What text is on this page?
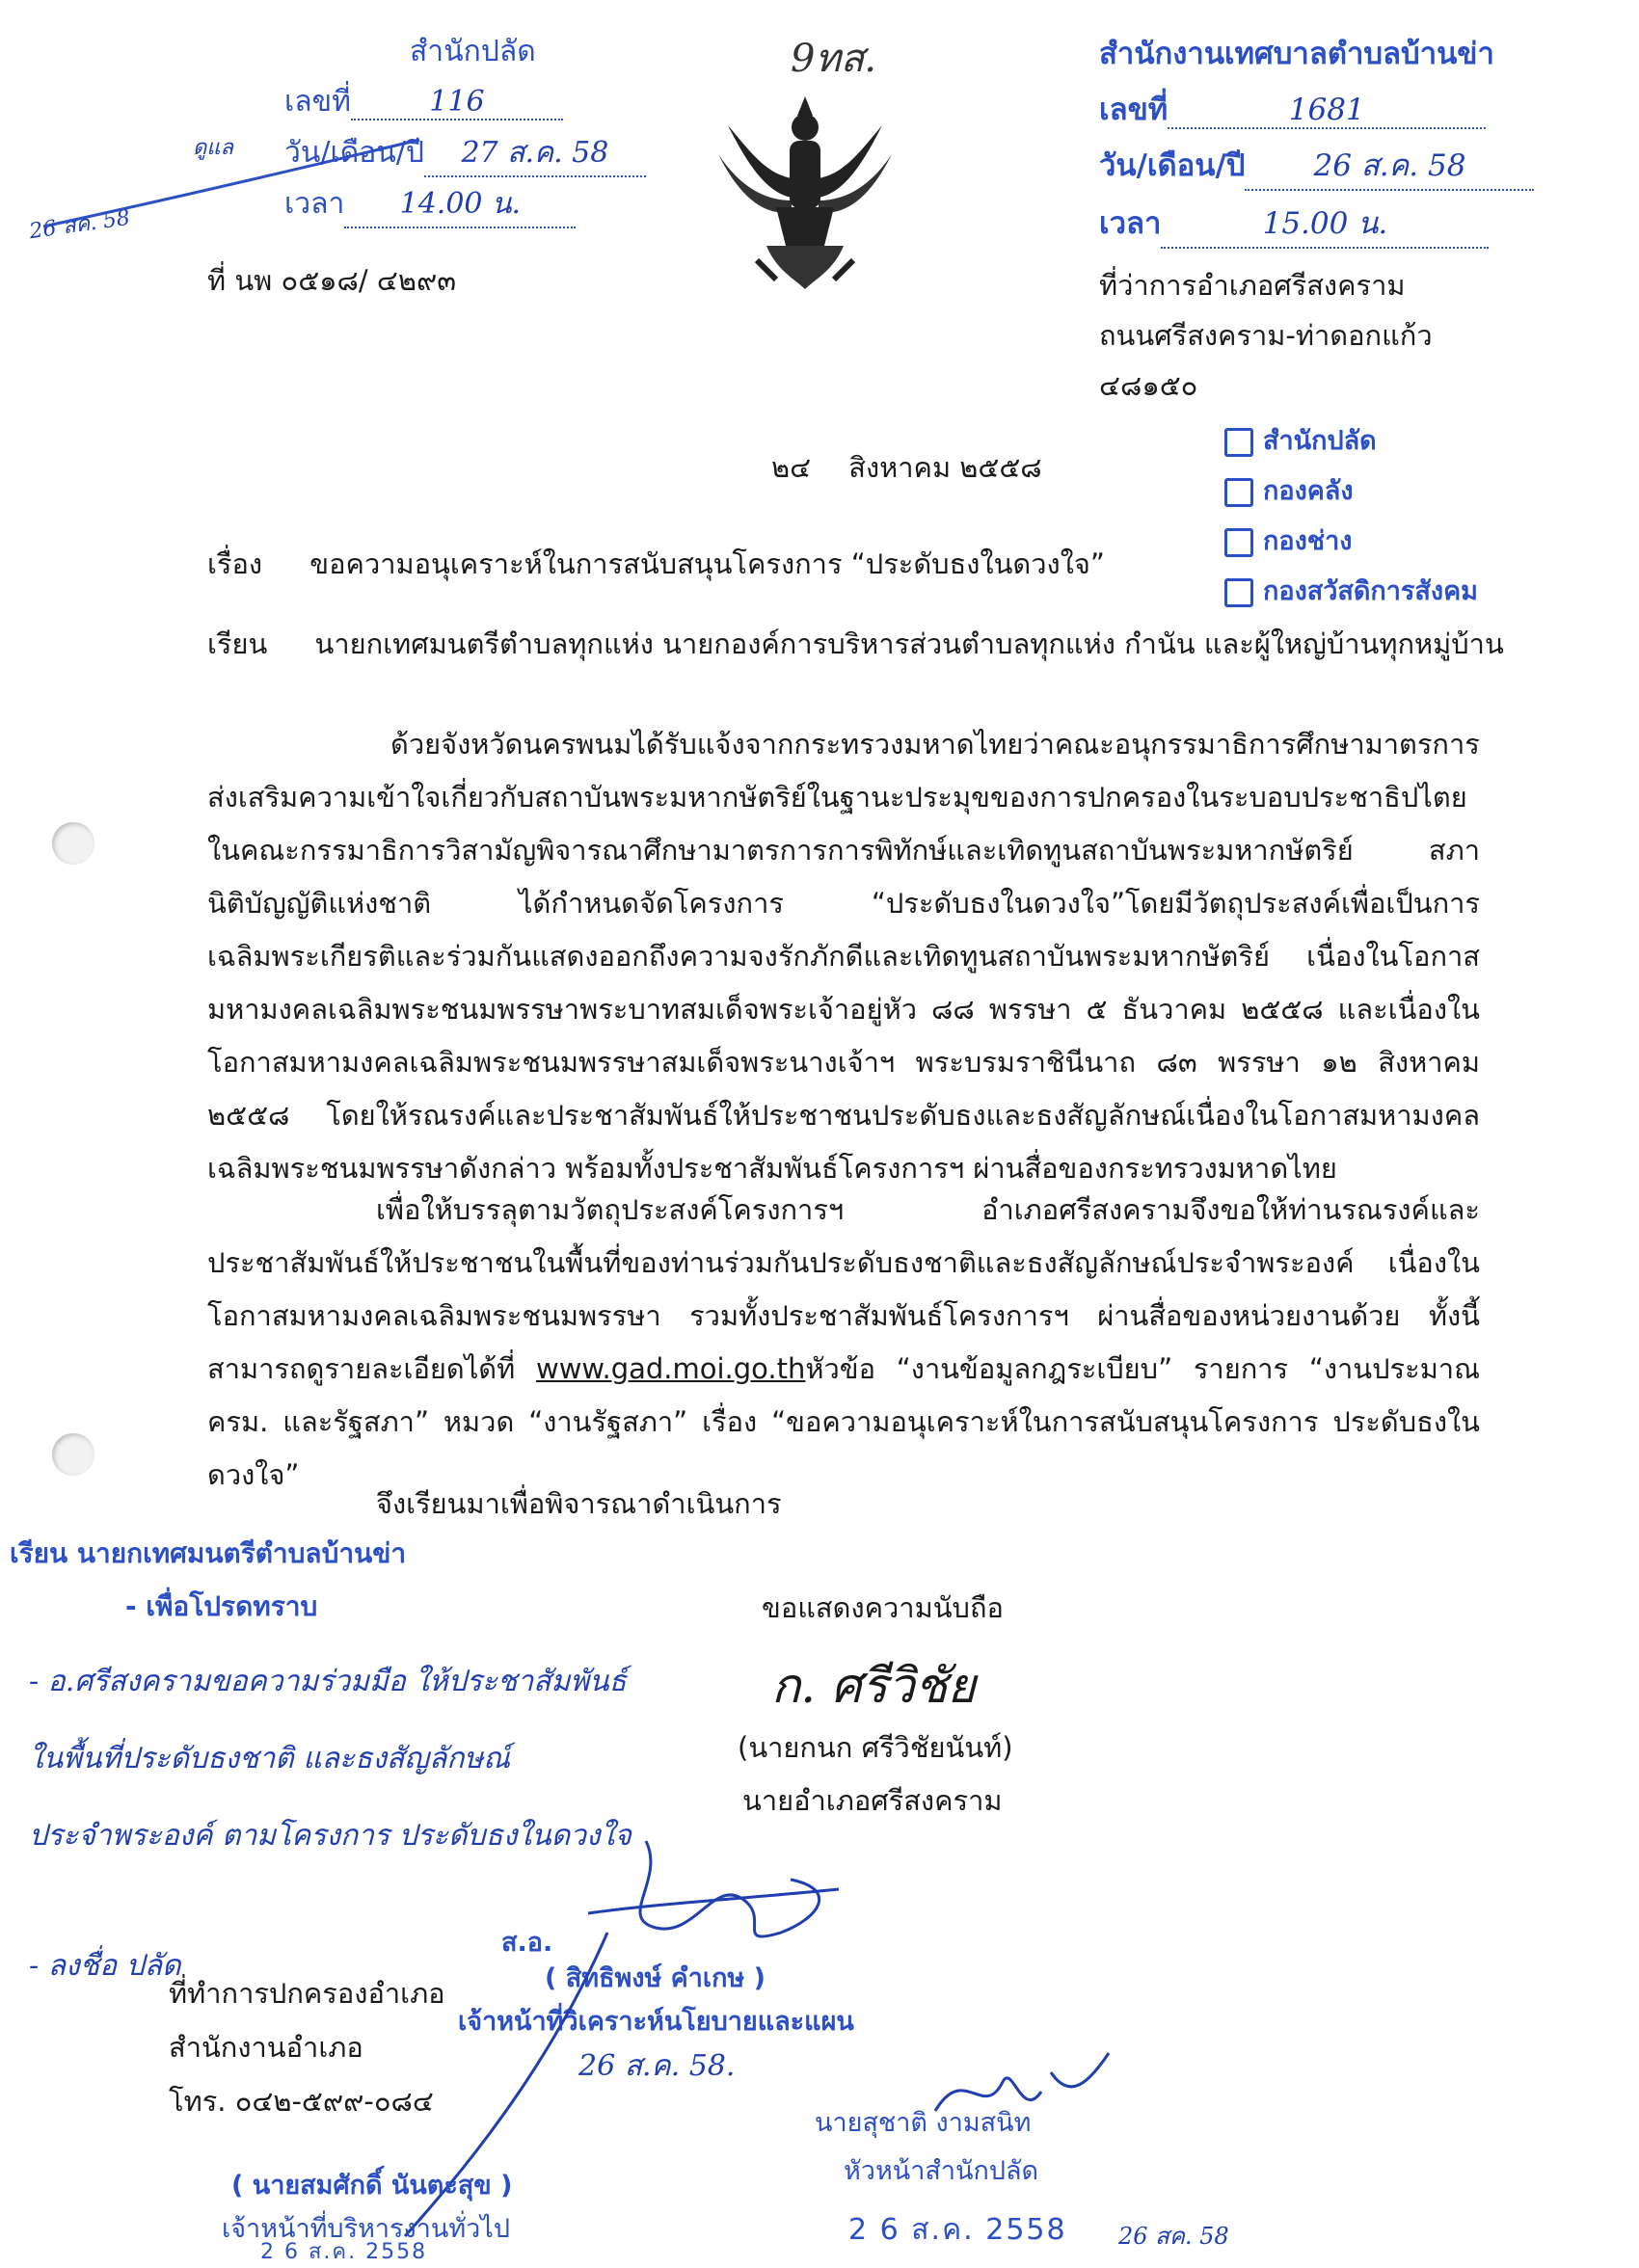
สำนักปลัด
เลขที่	116
วัน/เดือน/ปี 27 ส.ค. 58
เวลา 14.00 น.
26 สค. 58
ดูแล
9ทส.	สำนักงานเทศบาลตำบลบ้านข่า
เลขที่	1681
วัน/เดือน/ปี 26 ส.ค. 58
เวลา	15.00 น.
ที่ นพ ๐๕๑๘/ ๔๒๙๓	ที่ว่าการอำเภอศรีสงคราม
ถนนศรีสงคราม-ท่าดอกแก้ว
๔๘๑๕๐
๒๔ สิงหาคม ๒๕๕๘
สำนักปลัด
กองคลัง
กองช่าง
กองสวัสดิการสังคม
เรื่อง ขอความอนุเคราะห์ในการสนับสนุนโครงการ “ประดับธงในดวงใจ”
เรียน นายกเทศมนตรีตำบลทุกแห่ง นายกองค์การบริหารส่วนตำบลทุกแห่ง กำนัน และผู้ใหญ่บ้านทุกหมู่บ้าน
ด้วยจังหวัดนครพนมได้รับแจ้งจากกระทรวงมหาดไทยว่าคณะอนุกรรมาธิการศึกษามาตรการส่งเสริมความเข้าใจเกี่ยวกับสถาบันพระมหากษัตริย์ในฐานะประมุขของการปกครองในระบอบประชาธิปไตย ในคณะกรรมาธิการวิสามัญพิจารณาศึกษามาตรการการพิทักษ์และเทิดทูนสถาบันพระมหากษัตริย์ สภานิติบัญญัติแห่งชาติ ได้กำหนดจัดโครงการ “ประดับธงในดวงใจ”โดยมีวัตถุประสงค์เพื่อเป็นการเฉลิมพระเกียรติและร่วมกันแสดงออกถึงความจงรักภักดีและเทิดทูนสถาบันพระมหากษัตริย์ เนื่องในโอกาสมหามงคลเฉลิมพระชนมพรรษาพระบาทสมเด็จพระเจ้าอยู่หัว ๘๘ พรรษา ๕ ธันวาคม ๒๕๕๘ และเนื่องในโอกาสมหามงคลเฉลิมพระชนมพรรษาสมเด็จพระนางเจ้าฯ พระบรมราชินีนาถ ๘๓ พรรษา ๑๒ สิงหาคม ๒๕๕๘ โดยให้รณรงค์และประชาสัมพันธ์ให้ประชาชนประดับธงและธงสัญลักษณ์เนื่องในโอกาสมหามงคลเฉลิมพระชนมพรรษาดังกล่าว พร้อมทั้งประชาสัมพันธ์โครงการฯ ผ่านสื่อของกระทรวงมหาดไทย
เพื่อให้บรรลุตามวัตถุประสงค์โครงการฯ อำเภอศรีสงครามจึงขอให้ท่านรณรงค์และประชาสัมพันธ์ให้ประชาชนในพื้นที่ของท่านร่วมกันประดับธงชาติและธงสัญลักษณ์ประจำพระองค์ เนื่องในโอกาสมหามงคลเฉลิมพระชนมพรรษา รวมทั้งประชาสัมพันธ์โครงการฯ ผ่านสื่อของหน่วยงานด้วย ทั้งนี้สามารถดูรายละเอียดได้ที่ www.gad.moi.go.thหัวข้อ “งานข้อมูลกฎระเบียบ” รายการ “งานประมาณ ครม. และรัฐสภา” หมวด “งานรัฐสภา” เรื่อง “ขอความอนุเคราะห์ในการสนับสนุนโครงการ ประดับธงในดวงใจ”
จึงเรียนมาเพื่อพิจารณาดำเนินการ
เรียน นายกเทศมนตรีตำบลบ้านข่า
- เพื่อโปรดทราบ	ขอแสดงความนับถือ
- อ.ศรีสงครามขอความร่วมมือ ให้ประชาสัมพันธ์
ในพื้นที่ประดับธงชาติ และธงสัญลักษณ์
ประจำพระองค์ ตามโครงการ ประดับธงในดวงใจ
- ลงชื่อ ปลัด
ก. ศรีวิชัย
(นายกนก ศรีวิชัยนันท์)
นายอำเภอศรีสงคราม
ส.อ.
( สิทธิพงษ์ คำเกษ )
เจ้าหน้าที่วิเคราะห์นโยบายและแผน
26 ส.ค. 58.
ที่ทำการปกครองอำเภอ
สำนักงานอำเภอ
โทร. ๐๔๒-๕๙๙-๐๘๔
( นายสมศักดิ์ นันตะสุข )
เจ้าหน้าที่บริหารงานทั่วไป
2 6 ส.ค. 2558
นายสุชาติ งามสนิท
หัวหน้าสำนักปลัด
2 6 ส.ค. 2558 26 สค. 58
